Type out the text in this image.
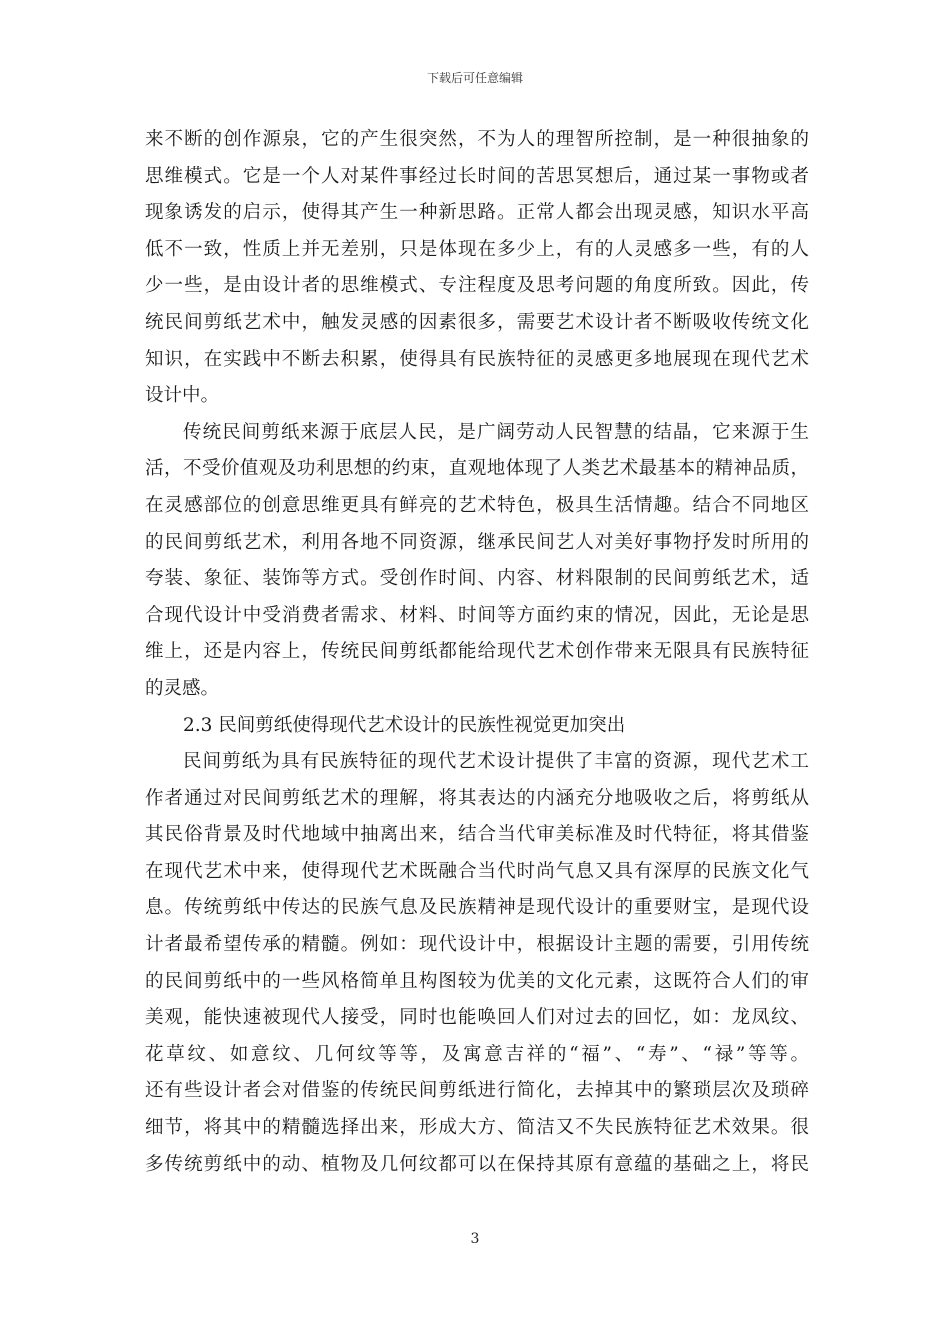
下载后可任意编辑
来不断的创作源泉，它的产生很突然，不为人的理智所控制，是一种很抽象的
思维模式。它是一个人对某件事经过长时间的苦思冥想后，通过某一事物或者
现象诱发的启示，使得其产生一种新思路。正常人都会出现灵感，知识水平高
低不一致，性质上并无差别，只是体现在多少上，有的人灵感多一些，有的人
少一些，是由设计者的思维模式、专注程度及思考问题的角度所致。因此，传
统民间剪纸艺术中，触发灵感的因素很多，需要艺术设计者不断吸收传统文化
知识，在实践中不断去积累，使得具有民族特征的灵感更多地展现在现代艺术
设计中。
传统民间剪纸来源于底层人民，是广阔劳动人民智慧的结晶，它来源于生
活，不受价值观及功利思想的约束，直观地体现了人类艺术最基本的精神品质，
在灵感部位的创意思维更具有鲜亮的艺术特色，极具生活情趣。结合不同地区
的民间剪纸艺术，利用各地不同资源，继承民间艺人对美好事物抒发时所用的
夸装、象征、装饰等方式。受创作时间、内容、材料限制的民间剪纸艺术，适
合现代设计中受消费者需求、材料、时间等方面约束的情况，因此，无论是思
维上，还是内容上，传统民间剪纸都能给现代艺术创作带来无限具有民族特征
的灵感。
2.3 民间剪纸使得现代艺术设计的民族性视觉更加突出
民间剪纸为具有民族特征的现代艺术设计提供了丰富的资源，现代艺术工
作者通过对民间剪纸艺术的理解，将其表达的内涵充分地吸收之后，将剪纸从
其民俗背景及时代地域中抽离出来，结合当代审美标准及时代特征，将其借鉴
在现代艺术中来，使得现代艺术既融合当代时尚气息又具有深厚的民族文化气
息。传统剪纸中传达的民族气息及民族精神是现代设计的重要财宝，是现代设
计者最希望传承的精髓。例如：现代设计中，根据设计主题的需要，引用传统
的民间剪纸中的一些风格简单且构图较为优美的文化元素，这既符合人们的审
美观，能快速被现代人接受，同时也能唤回人们对过去的回忆，如：龙凤纹、
花草纹、如意纹、几何纹等等，及寓意吉祥的“福”、“寿”、“禄”等等。
还有些设计者会对借鉴的传统民间剪纸进行简化，去掉其中的繁琐层次及琐碎
细节，将其中的精髓选择出来，形成大方、简洁又不失民族特征艺术效果。很
多传统剪纸中的动、植物及几何纹都可以在保持其原有意蕴的基础之上，将民
3
